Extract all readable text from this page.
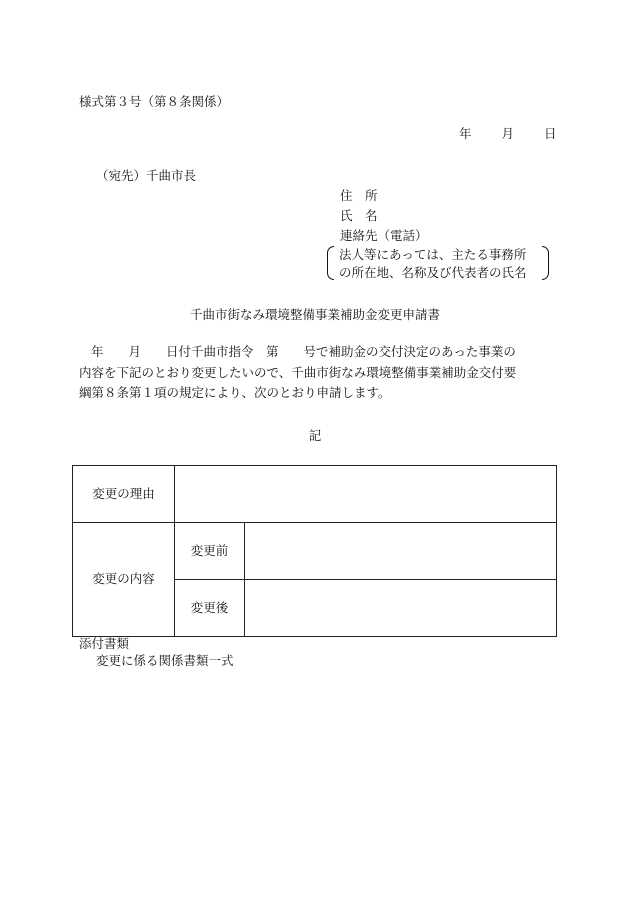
様式第３号（第８条関係）
年 月 日
（宛先）千曲市長
住　所
氏　名
連絡先（電話）
法人等にあっては、主たる事務所
の所在地、名称及び代表者の氏名
千曲市街なみ環境整備事業補助金変更申請書
年　　月　　日付千曲市指令　第　　号で補助金の交付決定のあった事業の
内容を下記のとおり変更したいので、千曲市街なみ環境整備事業補助金交付要
綱第８条第１項の規定により、次のとおり申請します。
記
変更の理由		
変更の内容	変更前	
	変更後	
添付書類
変更に係る関係書類一式
